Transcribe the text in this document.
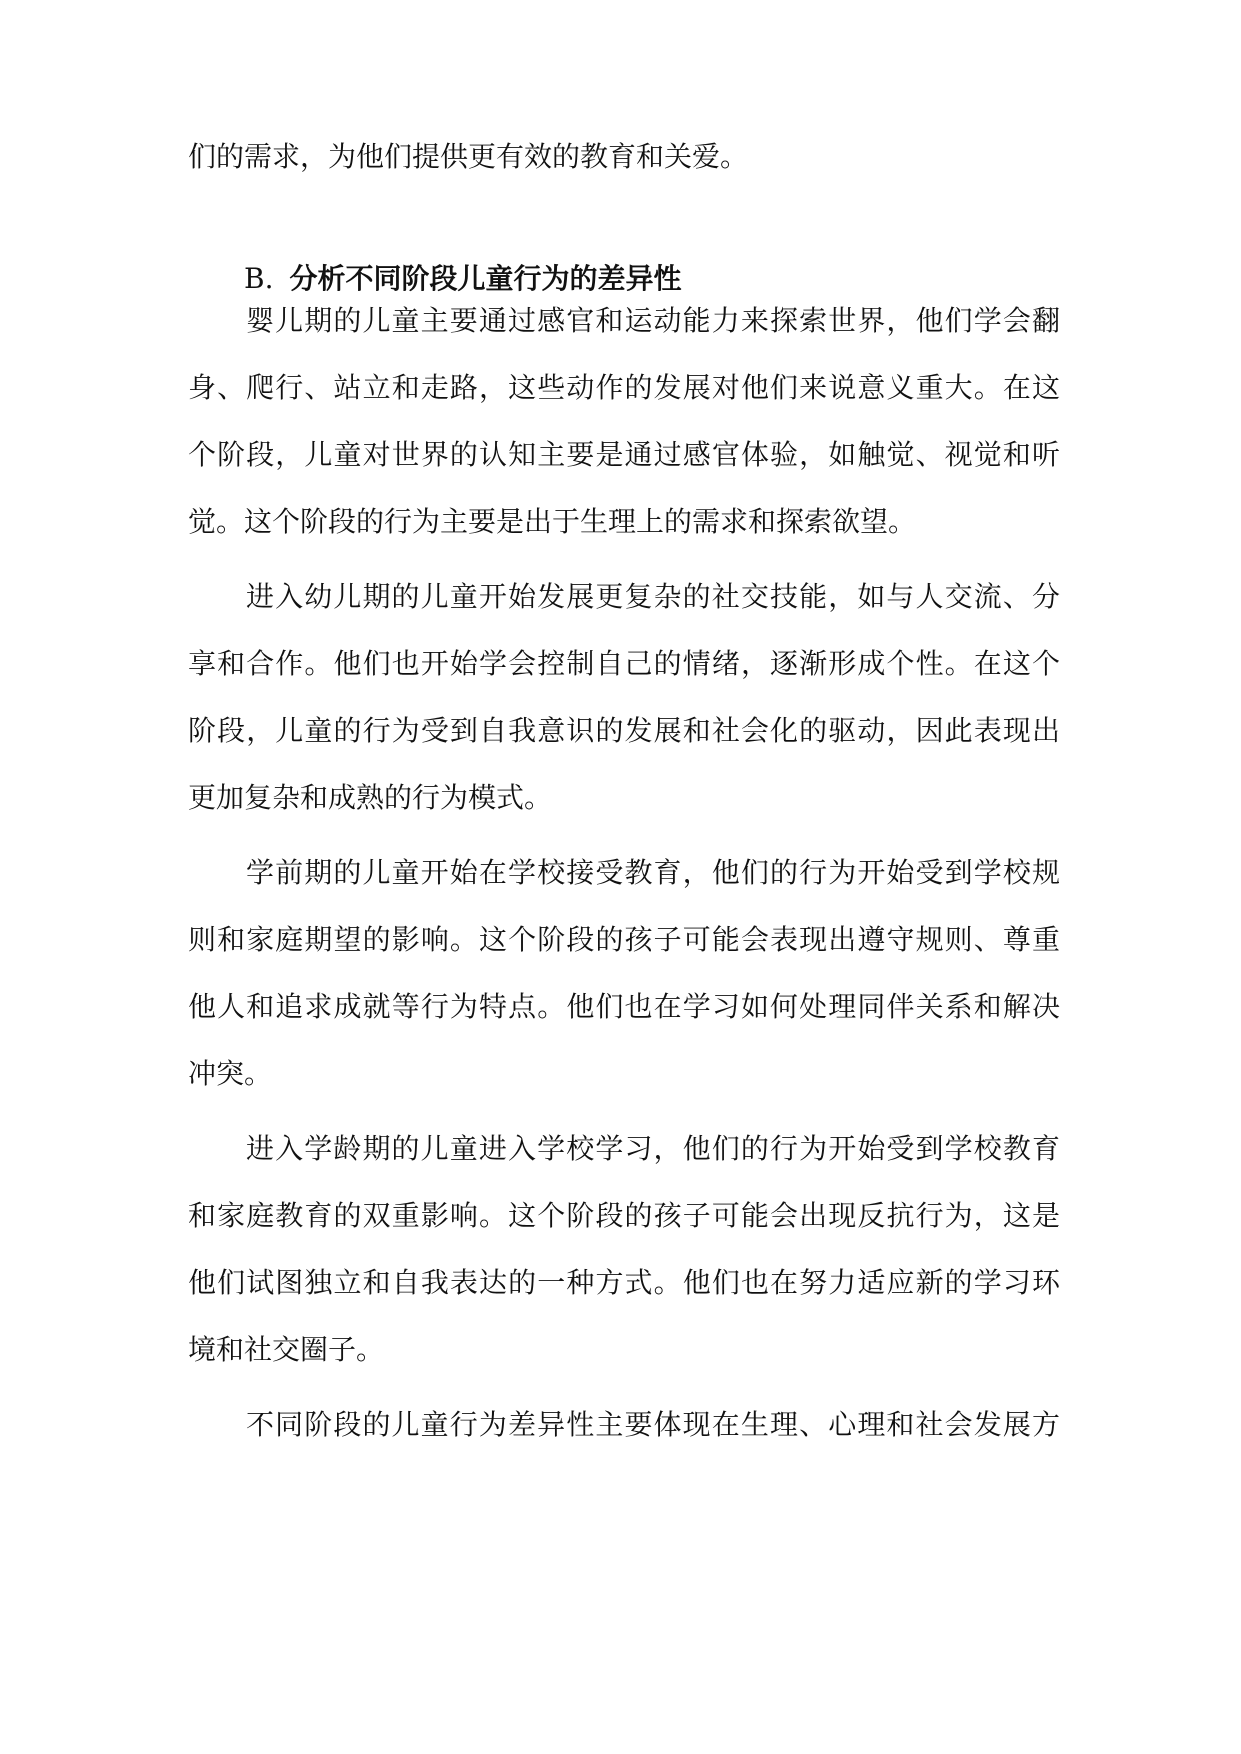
们的需求，为他们提供更有效的教育和关爱。
B. 分析不同阶段儿童行为的差异性
婴儿期的儿童主要通过感官和运动能力来探索世界，他们学会翻
身、爬行、站立和走路，这些动作的发展对他们来说意义重大。在这
个阶段，儿童对世界的认知主要是通过感官体验，如触觉、视觉和听
觉。这个阶段的行为主要是出于生理上的需求和探索欲望。
进入幼儿期的儿童开始发展更复杂的社交技能，如与人交流、分
享和合作。他们也开始学会控制自己的情绪，逐渐形成个性。在这个
阶段，儿童的行为受到自我意识的发展和社会化的驱动，因此表现出
更加复杂和成熟的行为模式。
学前期的儿童开始在学校接受教育，他们的行为开始受到学校规
则和家庭期望的影响。这个阶段的孩子可能会表现出遵守规则、尊重
他人和追求成就等行为特点。他们也在学习如何处理同伴关系和解决
冲突。
进入学龄期的儿童进入学校学习，他们的行为开始受到学校教育
和家庭教育的双重影响。这个阶段的孩子可能会出现反抗行为，这是
他们试图独立和自我表达的一种方式。他们也在努力适应新的学习环
境和社交圈子。
不同阶段的儿童行为差异性主要体现在生理、心理和社会发展方
